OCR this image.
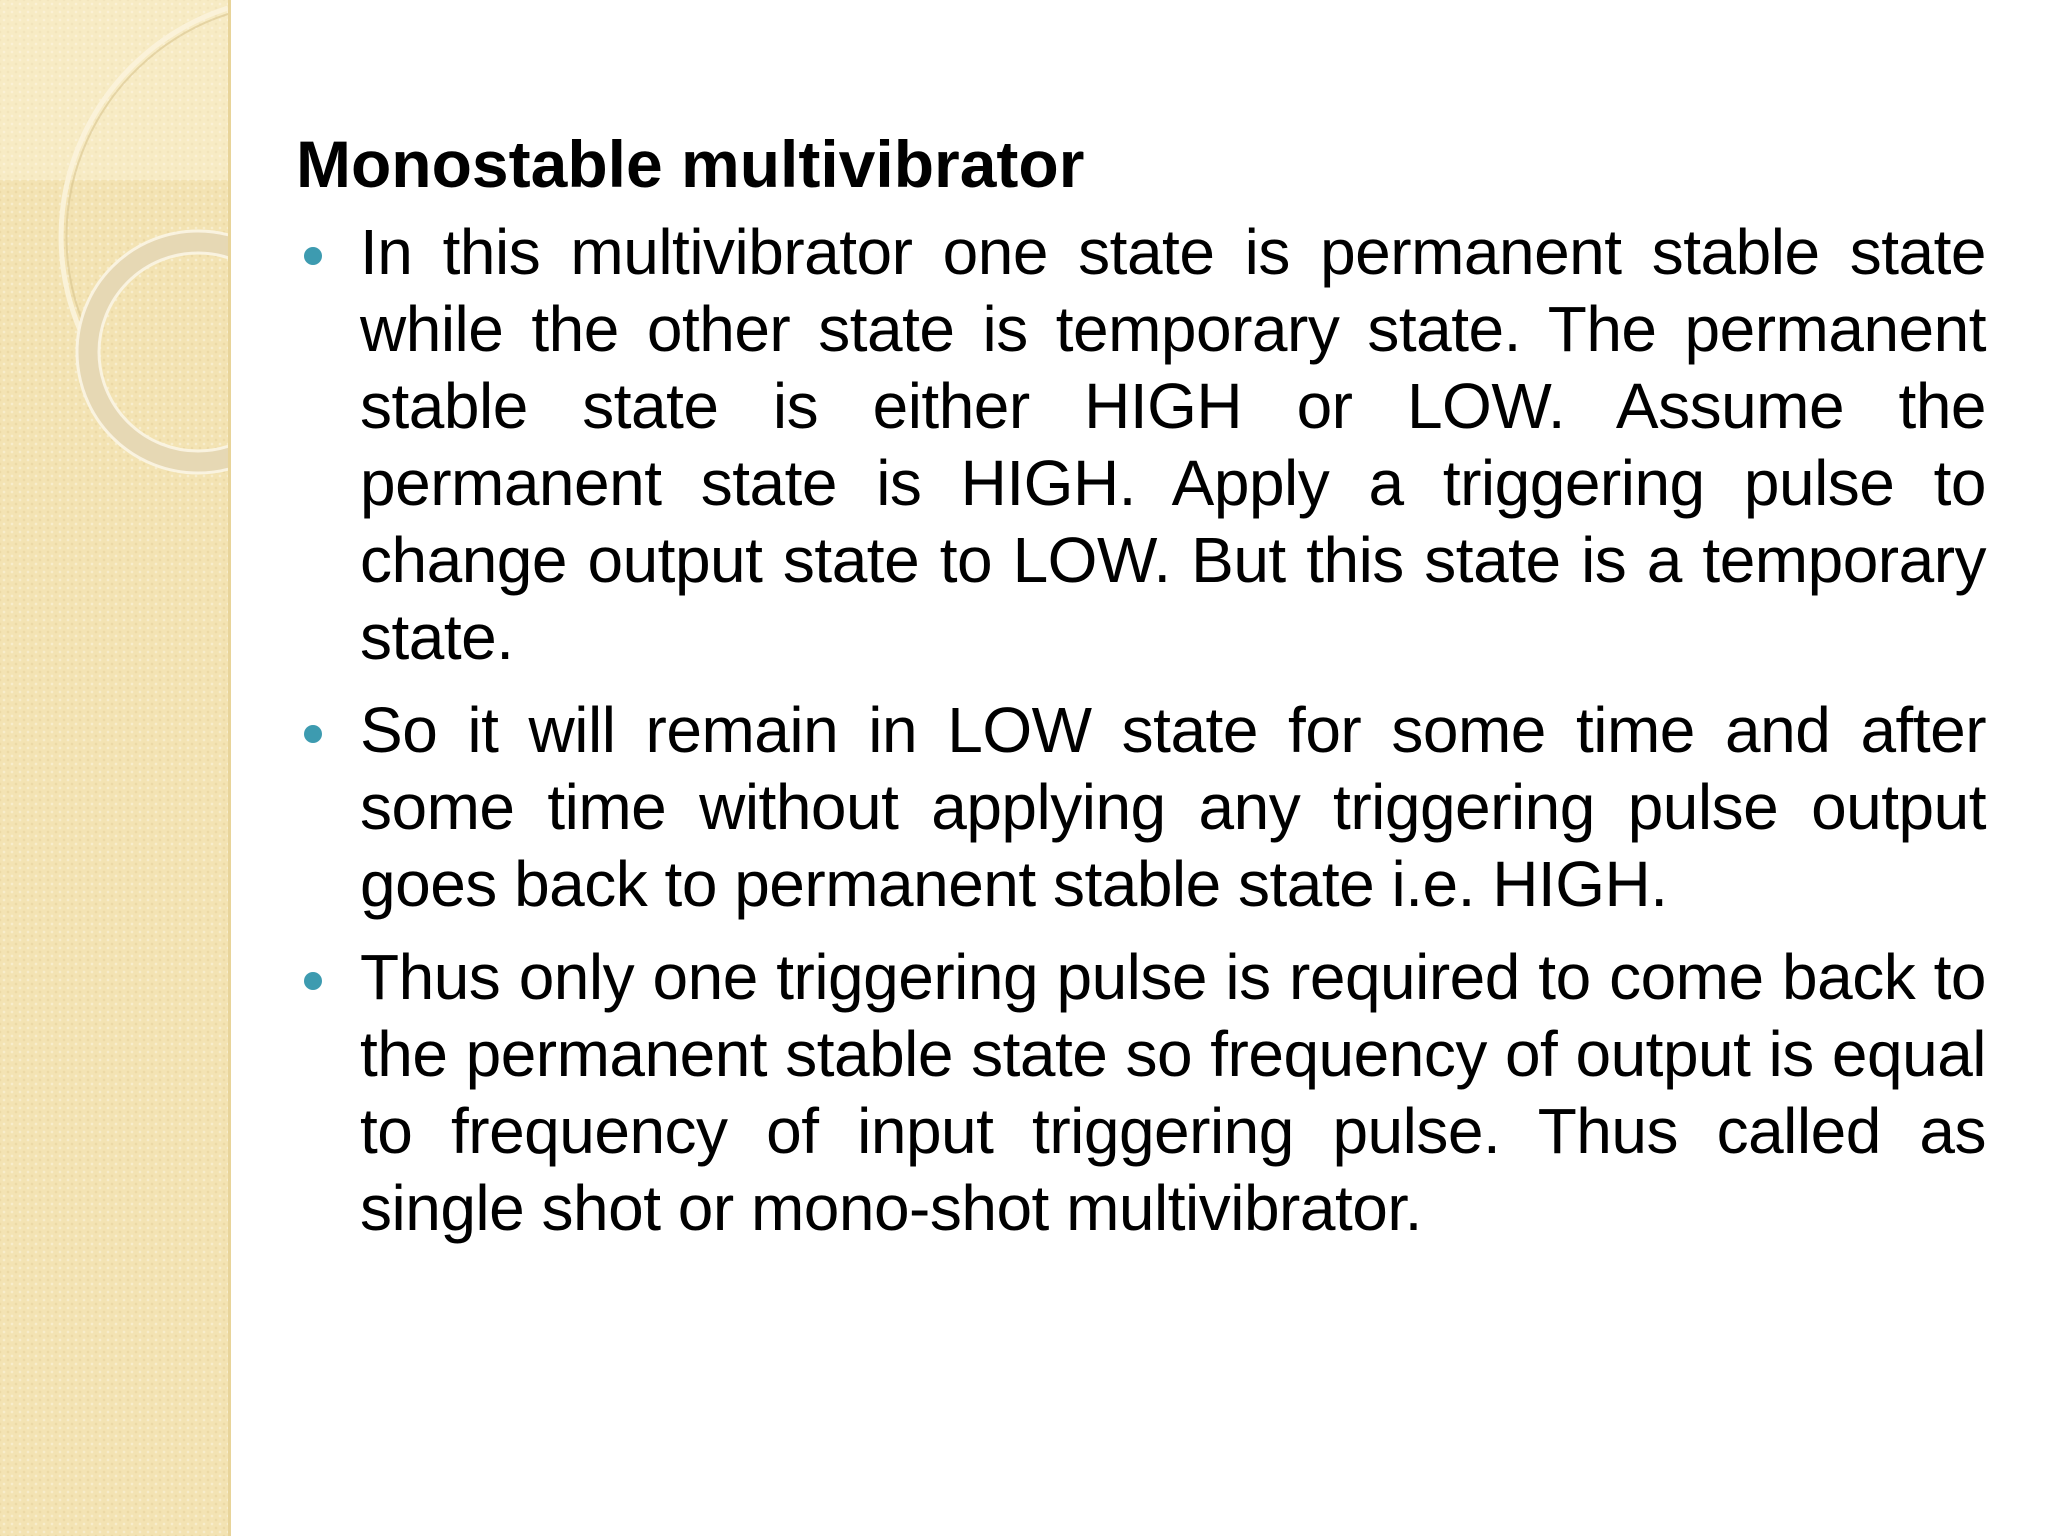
Monostable multivibrator
In this multivibrator one state is permanent stable state while the other state is temporary state. The permanent stable state is either HIGH or LOW. Assume the permanent state is HIGH. Apply a triggering pulse to change output state to LOW. But this state is a temporary state.
So it will remain in LOW state for some time and after some time without applying any triggering pulse output goes back to permanent stable state i.e. HIGH.
Thus only one triggering pulse is required to come back to the permanent stable state so frequency of output is equal to frequency of input triggering pulse. Thus called as single shot or mono-shot multivibrator.
